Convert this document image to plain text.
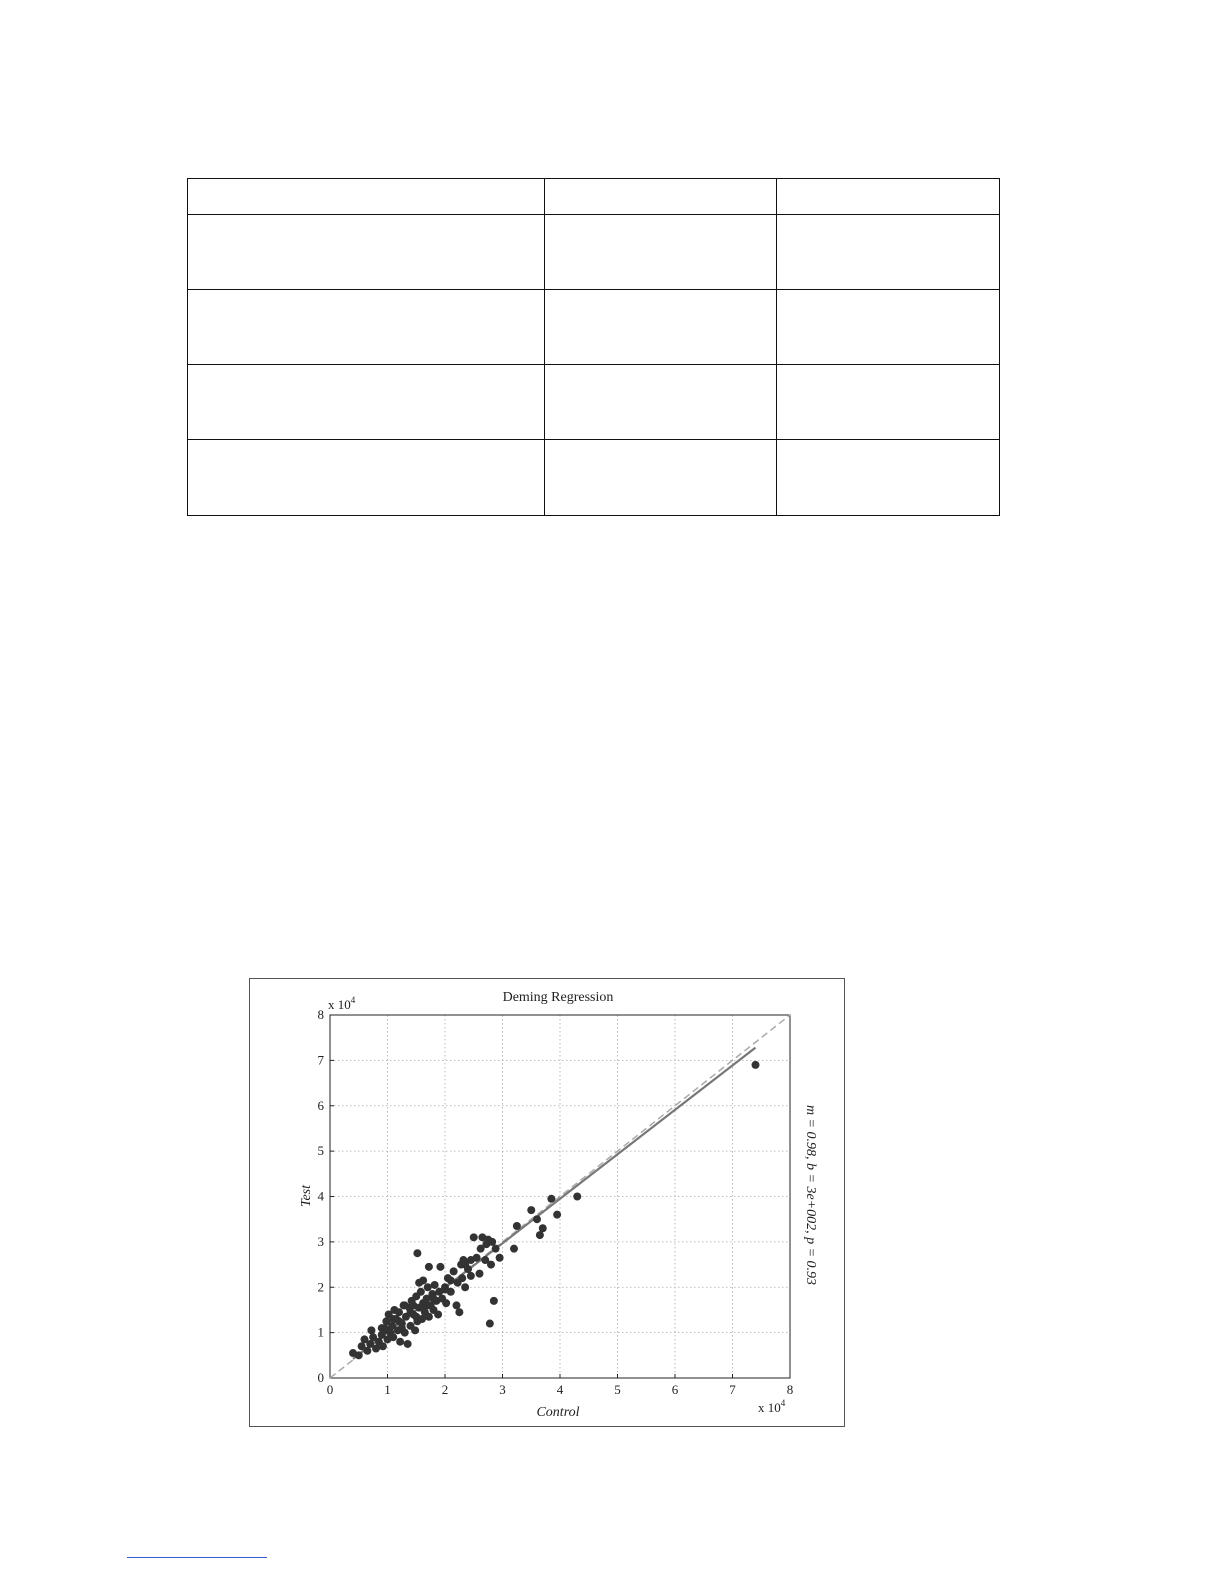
0	1	2	3	4	5	6	7	8
0
1
2
3
4
5
6
7
8
Deming Regression
Control
Test
x $10^4$
x $10^4$
m = 0.98, b = 3e+002, p = 0.93
